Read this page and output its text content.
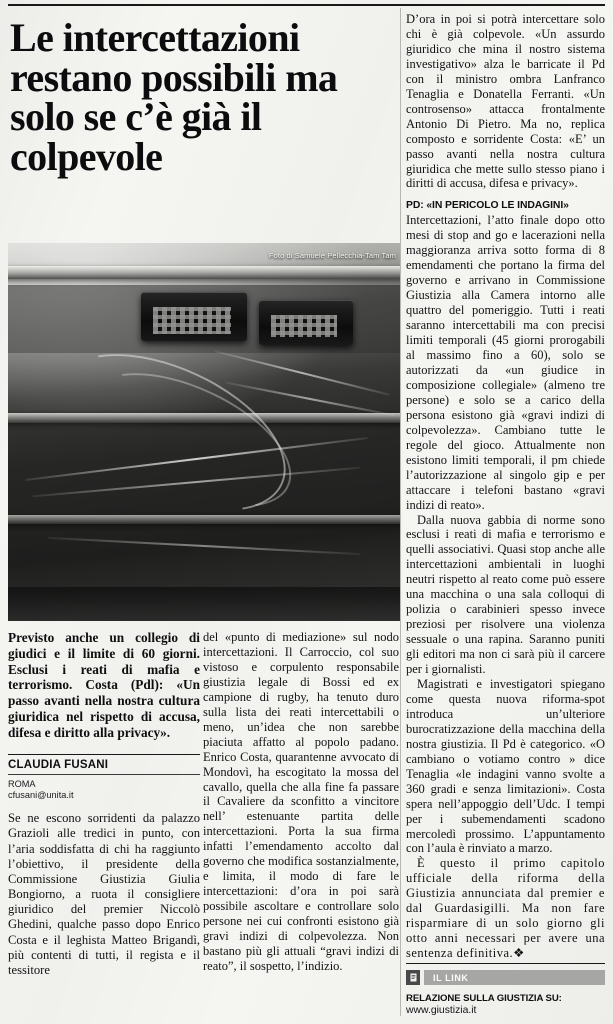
Le intercettazioni restano possibili ma solo se c’è già il colpevole
Foto di Samuele Pellecchia-Tam Tam

Previsto anche un collegio di giudici e il limite di 60 giorni. Esclusi i reati di mafia e terrorismo. Costa (Pdl): «Un passo avanti nella nostra cultura giuridica nel rispetto di accusa, difesa e diritto alla privacy».

CLAUDIA FUSANI
ROMA
cfusani@unita.it

Se ne escono sorridenti da palazzo Grazioli alle tredici in punto, con l’aria soddisfatta di chi ha raggiunto l’obiettivo, il presidente della Commissione Giustizia Giulia Bongiorno, a ruota il consigliere giuridico del premier Niccolò Ghedini, qualche passo dopo Enrico Costa e il leghista Matteo Brigandì, più contenti di tutti, il regista e il tessitore

del «punto di mediazione» sul nodo intercettazioni. Il Carroccio, col suo vistoso e corpulento responsabile giustizia legale di Bossi ed ex campione di rugby, ha tenuto duro sulla lista dei reati intercettabili o meno, un’idea che non sarebbe piaciuta affatto al popolo padano. Enrico Costa, quarantenne avvocato di Mondovì, ha escogitato la mossa del cavallo, quella che alla fine fa passare il Cavaliere da sconfitto a vincitore nell’ estenuante partita delle intercettazioni. Porta la sua firma infatti l’emendamento accolto dal governo che modifica sostanzialmente, e limita, il modo di fare le intercettazioni: d’ora in poi sarà possibile ascoltare e controllare solo persone nei cui confronti esistono già gravi indizi di colpevolezza. Non bastano più gli attuali “gravi indizi di reato”, il sospetto, l’indizio.

D’ora in poi si potrà intercettare solo chi è già colpevole. «Un assurdo giuridico che mina il nostro sistema investigativo» alza le barricate il Pd con il ministro ombra Lanfranco Tenaglia e Donatella Ferranti. «Un controsenso» attacca frontalmente Antonio Di Pietro. Ma no, replica composto e sorridente Costa: «E’ un passo avanti nella nostra cultura giuridica che mette sullo stesso piano i diritti di accusa, difesa e privacy».

PD: «IN PERICOLO LE INDAGINI»

Intercettazioni, l’atto finale dopo otto mesi di stop and go e lacerazioni nella maggioranza arriva sotto forma di 8 emendamenti che portano la firma del governo e arrivano in Commissione Giustizia alla Camera intorno alle quattro del pomeriggio. Tutti i reati saranno intercettabili ma con precisi limiti temporali (45 giorni prorogabili al massimo fino a 60), solo se autorizzati da «un giudice in composizione collegiale» (almeno tre persone) e solo se a carico della persona esistono già «gravi indizi di colpevolezza». Cambiano tutte le regole del gioco. Attualmente non esistono limiti temporali, il pm chiede l’autorizzazione al singolo gip e per attaccare i telefoni bastano «gravi indizi di reato».

Dalla nuova gabbia di norme sono esclusi i reati di mafia e terrorismo e quelli associativi. Quasi stop anche alle intercettazioni ambientali in luoghi neutri rispetto al reato come può essere una macchina o una sala colloqui di polizia o carabinieri spesso invece preziosi per risolvere una violenza sessuale o una rapina. Saranno puniti gli editori ma non ci sarà più il carcere per i giornalisti.

Magistrati e investigatori spiegano come questa nuova riforma-spot introduca un’ulteriore burocratizzazione della macchina della nostra giustizia. Il Pd è categorico. «O cambiano o votiamo contro » dice Tenaglia «le indagini vanno svolte a 360 gradi e senza limitazioni». Costa spera nell’appoggio dell’Udc. I tempi per i subemendamenti scadono mercoledì prossimo. L’appuntamento con l’aula è rinviato a marzo.

È questo il primo capitolo ufficiale della riforma della Giustizia annunciata dal premier e dal Guardasigilli. Ma non fare risparmiare di un solo giorno gli otto anni necessari per avere una sentenza definitiva.❖

IL LINK
RELAZIONE SULLA GIUSTIZIA SU:
www.giustizia.it
